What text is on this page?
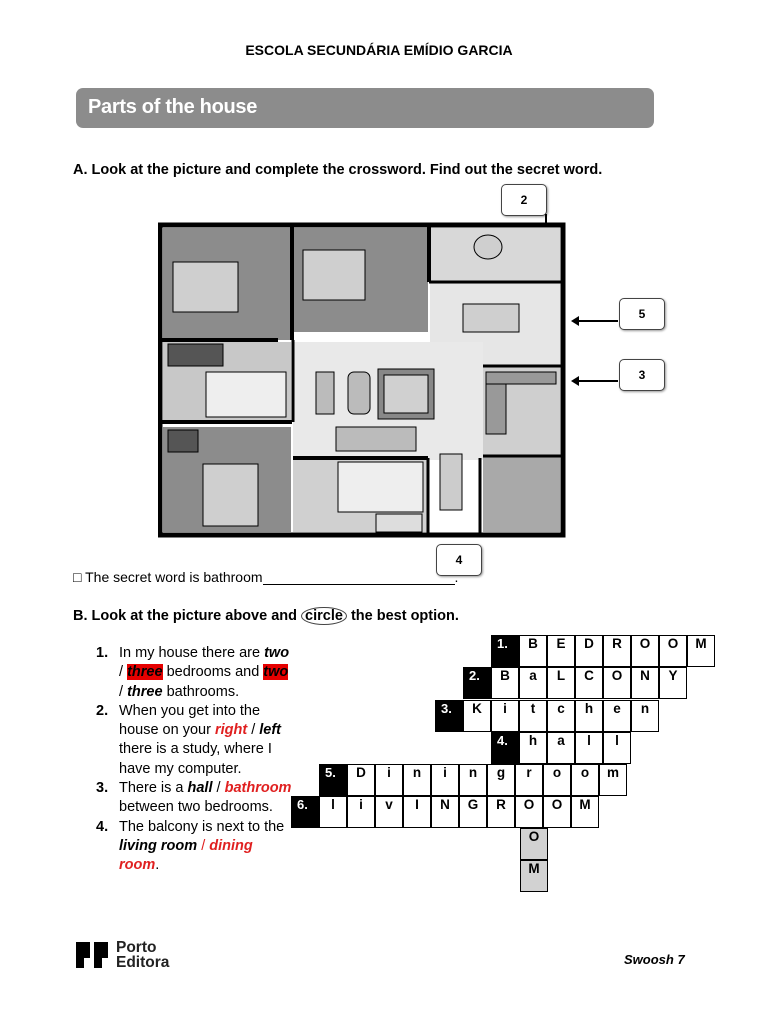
ESCOLA SECUNDÁRIA EMÍDIO GARCIA
Parts of the house
A. Look at the picture and complete the crossword. Find out the secret word.
2
5
3
4
□ The secret word is bathroom	.
B. Look at the picture above and circle the best option.
1. In my house there are two / three bedrooms and two / three bathrooms.
2. When you get into the house on your right / left there is a study, where I have my computer.
3. There is a hall / bathroom between two bedrooms.
4. The balcony is next to the living room / dining room.
1.	B	E	D	R	O	O	M
2.	B	a	L	C	O	N	Y
3.	K	i	t	c	h	e	n
4.	h	a	l	l
5.	D	i	n	i	n	g	r	o	o	m
6.	l	i	v	I	N	G	R	O	O	M
O
M
Porto
Editora	Swoosh 7
